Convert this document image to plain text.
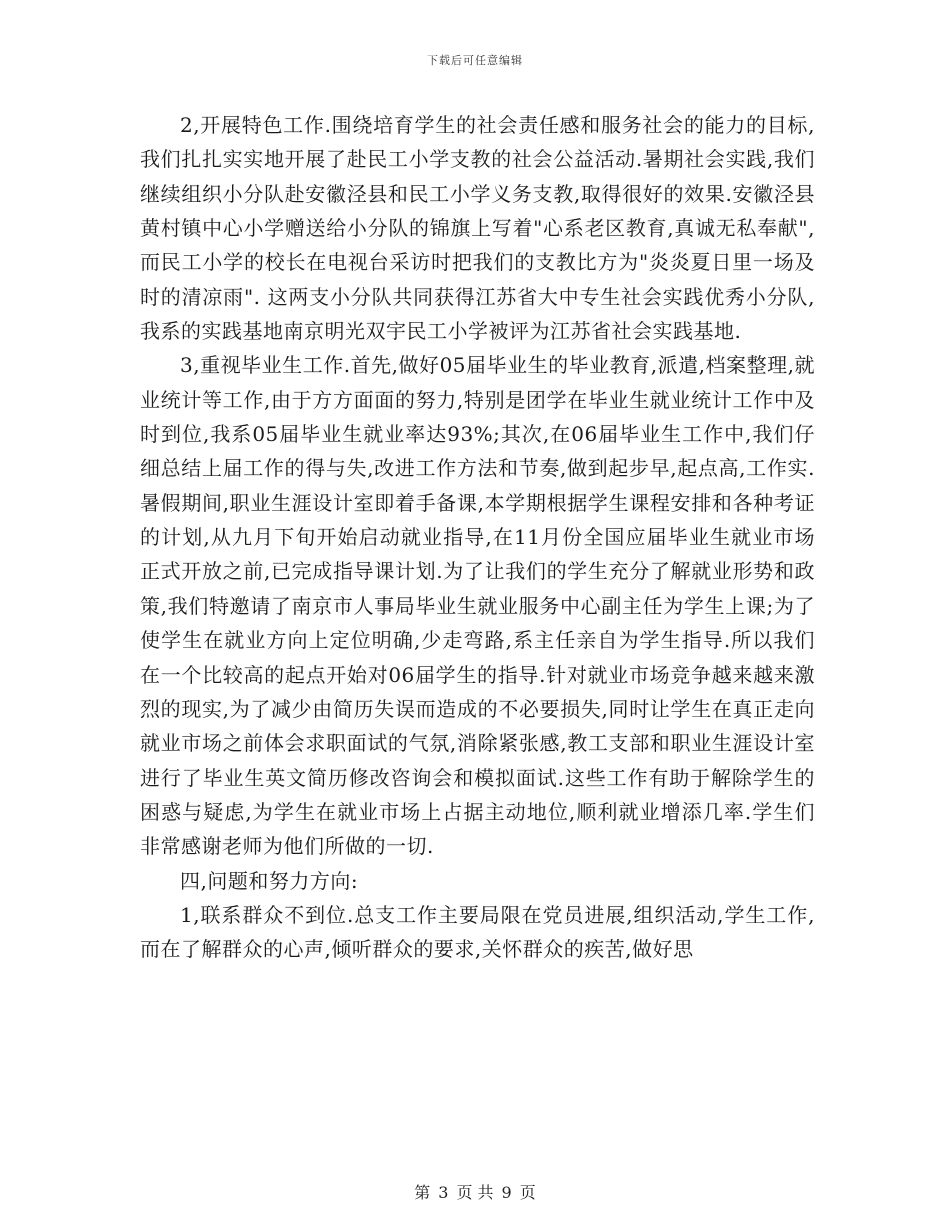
下载后可任意编辑

2,开展特色工作.围绕培育学生的社会责任感和服务社会的能力的目标,我们扎扎实实地开展了赴民工小学支教的社会公益活动.暑期社会实践,我们继续组织小分队赴安徽泾县和民工小学义务支教,取得很好的效果.安徽泾县黄村镇中心小学赠送给小分队的锦旗上写着"心系老区教育,真诚无私奉献",而民工小学的校长在电视台采访时把我们的支教比方为"炎炎夏日里一场及时的清凉雨". 这两支小分队共同获得江苏省大中专生社会实践优秀小分队,我系的实践基地南京明光双宇民工小学被评为江苏省社会实践基地.

3,重视毕业生工作.首先,做好05届毕业生的毕业教育,派遣,档案整理,就业统计等工作,由于方方面面的努力,特别是团学在毕业生就业统计工作中及时到位,我系05届毕业生就业率达93%;其次,在06届毕业生工作中,我们仔细总结上届工作的得与失,改进工作方法和节奏,做到起步早,起点高,工作实. 暑假期间,职业生涯设计室即着手备课,本学期根据学生课程安排和各种考证的计划,从九月下旬开始启动就业指导,在11月份全国应届毕业生就业市场正式开放之前,已完成指导课计划.为了让我们的学生充分了解就业形势和政策,我们特邀请了南京市人事局毕业生就业服务中心副主任为学生上课;为了使学生在就业方向上定位明确,少走弯路,系主任亲自为学生指导.所以我们在一个比较高的起点开始对06届学生的指导.针对就业市场竞争越来越来激烈的现实,为了减少由简历失误而造成的不必要损失,同时让学生在真正走向就业市场之前体会求职面试的气氛,消除紧张感,教工支部和职业生涯设计室进行了毕业生英文简历修改咨询会和模拟面试.这些工作有助于解除学生的困惑与疑虑,为学生在就业市场上占据主动地位,顺利就业增添几率.学生们非常感谢老师为他们所做的一切.

四,问题和努力方向:

1,联系群众不到位.总支工作主要局限在党员进展,组织活动,学生工作,而在了解群众的心声,倾听群众的要求,关怀群众的疾苦,做好思

第 3 页 共 9 页
